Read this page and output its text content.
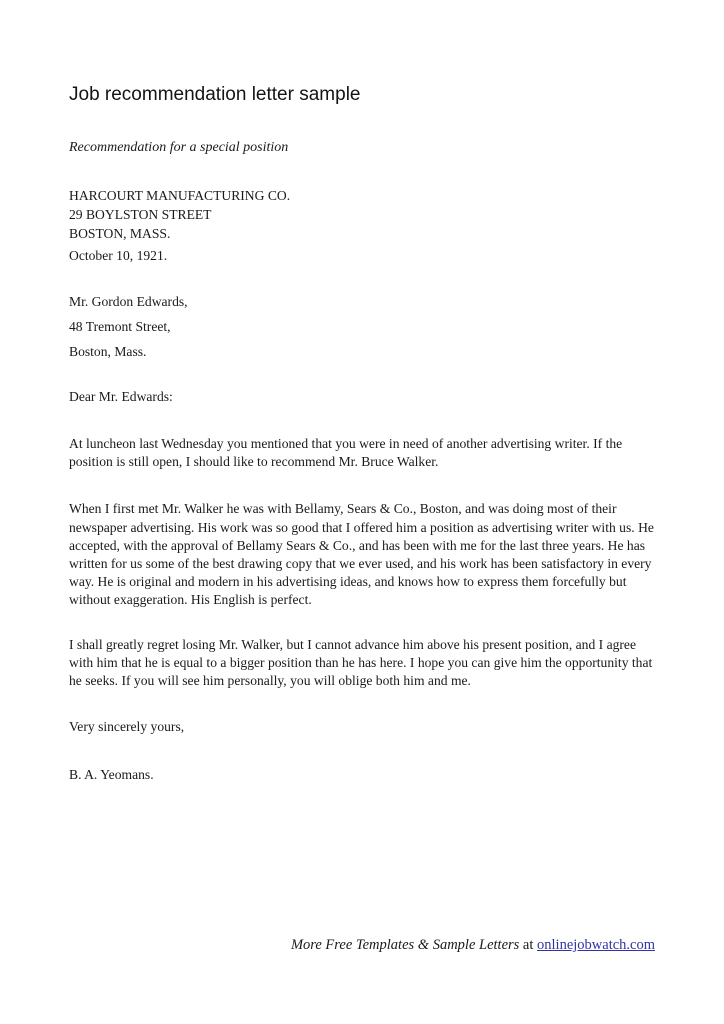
Job recommendation letter sample

Recommendation for a special position

HARCOURT MANUFACTURING CO.

29 BOYLSTON STREET

BOSTON, MASS.

October 10, 1921.

Mr. Gordon Edwards,

48 Tremont Street,

Boston, Mass.

Dear Mr. Edwards:

At luncheon last Wednesday you mentioned that you were in need of another advertising writer. If the position is still open, I should like to recommend Mr. Bruce Walker.

When I first met Mr. Walker he was with Bellamy, Sears & Co., Boston, and was doing most of their newspaper advertising. His work was so good that I offered him a position as advertising writer with us. He accepted, with the approval of Bellamy Sears & Co., and has been with me for the last three years. He has written for us some of the best drawing copy that we ever used, and his work has been satisfactory in every way. He is original and modern in his advertising ideas, and knows how to express them forcefully but without exaggeration. His English is perfect.

I shall greatly regret losing Mr. Walker, but I cannot advance him above his present position, and I agree with him that he is equal to a bigger position than he has here. I hope you can give him the opportunity that he seeks. If you will see him personally, you will oblige both him and me.

Very sincerely yours,

B. A. Yeomans.

More Free Templates & Sample Letters at onlinejobwatch.com
